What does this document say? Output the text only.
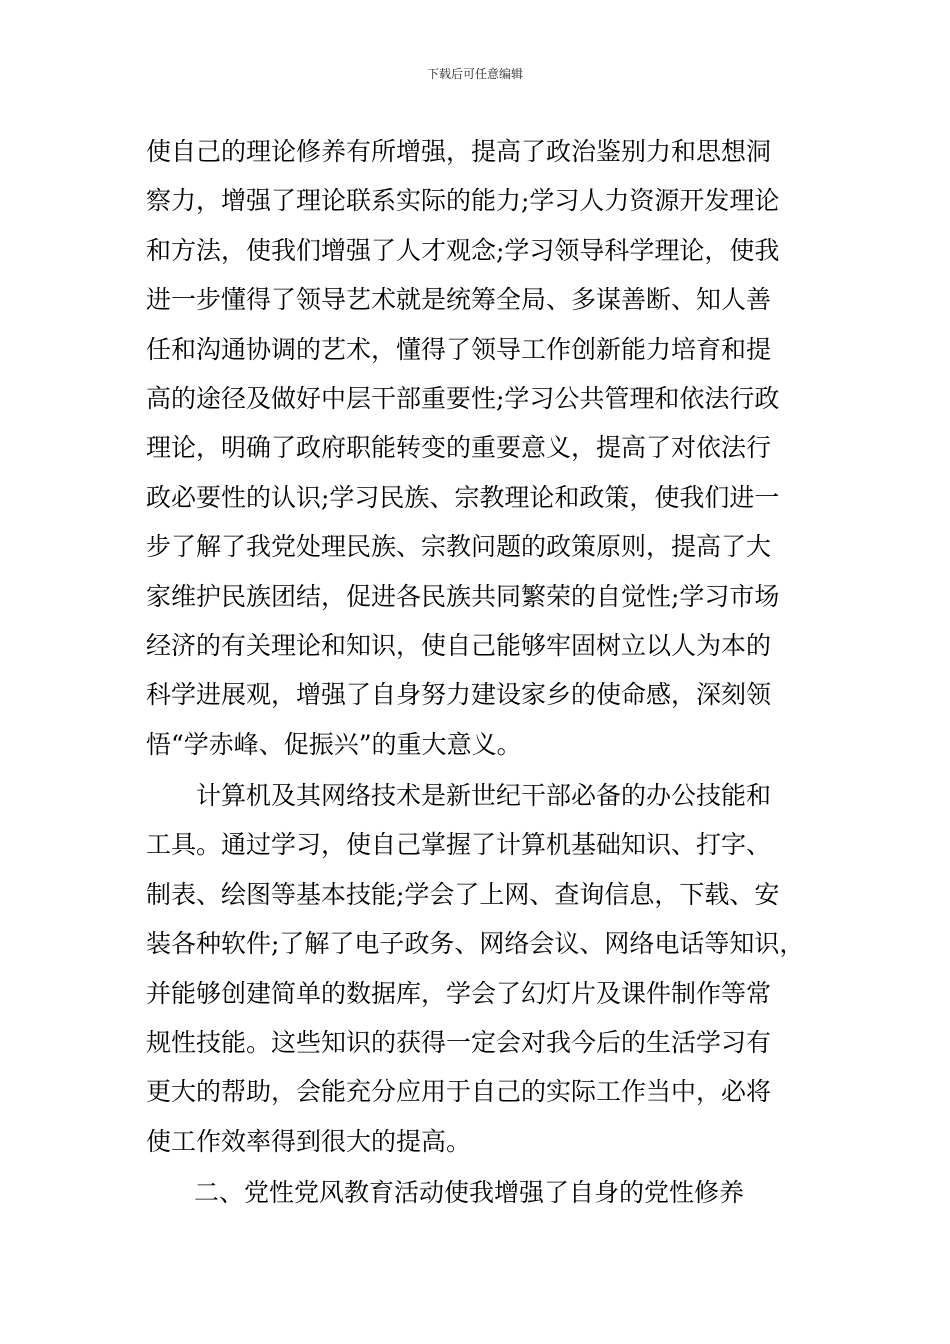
下载后可任意编辑
使自己的理论修养有所增强，提高了政治鉴别力和思想洞
察力，增强了理论联系实际的能力;学习人力资源开发理论
和方法，使我们增强了人才观念;学习领导科学理论，使我
进一步懂得了领导艺术就是统筹全局、多谋善断、知人善
任和沟通协调的艺术，懂得了领导工作创新能力培育和提
高的途径及做好中层干部重要性;学习公共管理和依法行政
理论，明确了政府职能转变的重要意义，提高了对依法行
政必要性的认识;学习民族、宗教理论和政策，使我们进一
步了解了我党处理民族、宗教问题的政策原则，提高了大
家维护民族团结，促进各民族共同繁荣的自觉性;学习市场
经济的有关理论和知识，使自己能够牢固树立以人为本的
科学进展观，增强了自身努力建设家乡的使命感，深刻领
悟“学赤峰、促振兴”的重大意义。
计算机及其网络技术是新世纪干部必备的办公技能和
工具。通过学习，使自己掌握了计算机基础知识、打字、
制表、绘图等基本技能;学会了上网、查询信息，下载、安
装各种软件;了解了电子政务、网络会议、网络电话等知识，
并能够创建简单的数据库，学会了幻灯片及课件制作等常
规性技能。这些知识的获得一定会对我今后的生活学习有
更大的帮助，会能充分应用于自己的实际工作当中，必将
使工作效率得到很大的提高。
二、党性党风教育活动使我增强了自身的党性修养
